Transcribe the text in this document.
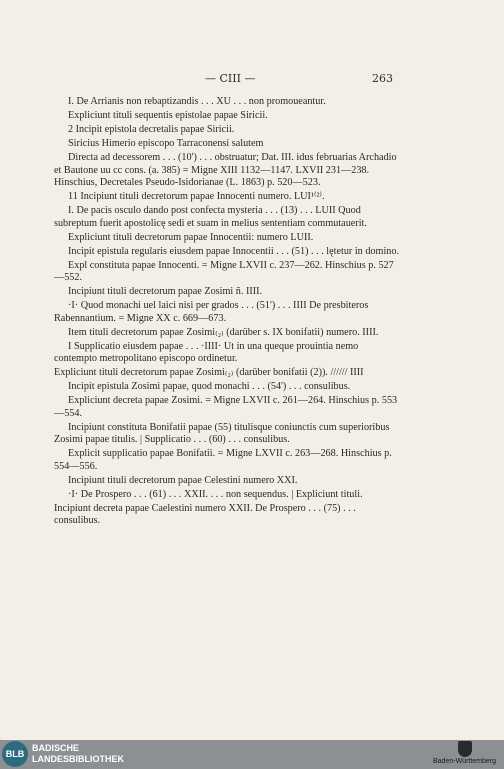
— CIII —	263

I. De Arrianis non rebaptizandis . . . XU . . . non promoueantur.

Expliciunt tituli sequentis epistolae papae Siricii.

2 Incipit epistola decretalis papae Siricii.

Siricius Himerio episcopo Tarraconensi salutem

Directa ad decessorem . . . (10') . . . obstruatur; Dat. III. idus februarias Archadio et Bautone uu cc cons. (a. 385) = Migne XIII 1132—1147. LXVII 231—238. Hinschius, Decretales Pseudo-Isidorianae (L. 1863) p. 520—523.

11 Incipiunt tituli decretorum papae Innocenti numero. LUI¹⁽²⁾.

I. De pacis osculo dando post confecta mysteria . . . (13) . . . LUII Quod subreptum fuerit apostolicę sedi et suam in melius sententiam commutauerit.

Expliciunt tituli decretorum papae Innocentii: numero LUII.

Incipit epistula regularis eiusdem papae Innocentii . . . (51) . . . lętetur in domino.

Expl constituta papae Innocenti. = Migne LXVII c. 237—262. Hinschius p. 527—552.

Incipiunt tituli decretorum papae Zosimi ñ. IIII.

·I· Quod monachi uel laici nisi per grados . . . (51') . . . IIII De presbiteros Rabennantium. = Migne XX c. 669—673.

Item tituli decretorum papae Zosimi₍₂₎ (darüber s. IX bonifatii) numero. IIII.

I Supplicatio eiusdem papae . . . ·IIII· Ut in una queque prouintia nemo contempto metropolitano episcopo ordinetur.

Expliciunt tituli decretorum papae Zosimi₍₂₎ (darüber bonifatii (2)). ////// IIII

Incipit epistula Zosimi papae, quod monachi . . . (54') . . . consulibus.

Expliciunt decreta papae Zosimi. = Migne LXVII c. 261—264. Hinschius p. 553—554.

Incipiunt constituta Bonifatii papae (55) titulisque coniunctis cum superioribus Zosimi papae titulis. | Supplicatio . . . (60) . . . consulibus.

Explicit supplicatio papae Bonifatii. = Migne LXVII c. 263—268. Hinschius p. 554—556.

Incipiunt tituli decretorum papae Celestini numero XXI.

·I· De Prospero . . . (61) . . . XXII. . . . non sequendus. | Expliciunt tituli.

Incipiunt decreta papae Caelestini numero XXII. De Prospero . . . (75) . . . consulibus.

BLB
BADISCHE
LANDESBIBLIOTHEK	Baden-Württemberg
